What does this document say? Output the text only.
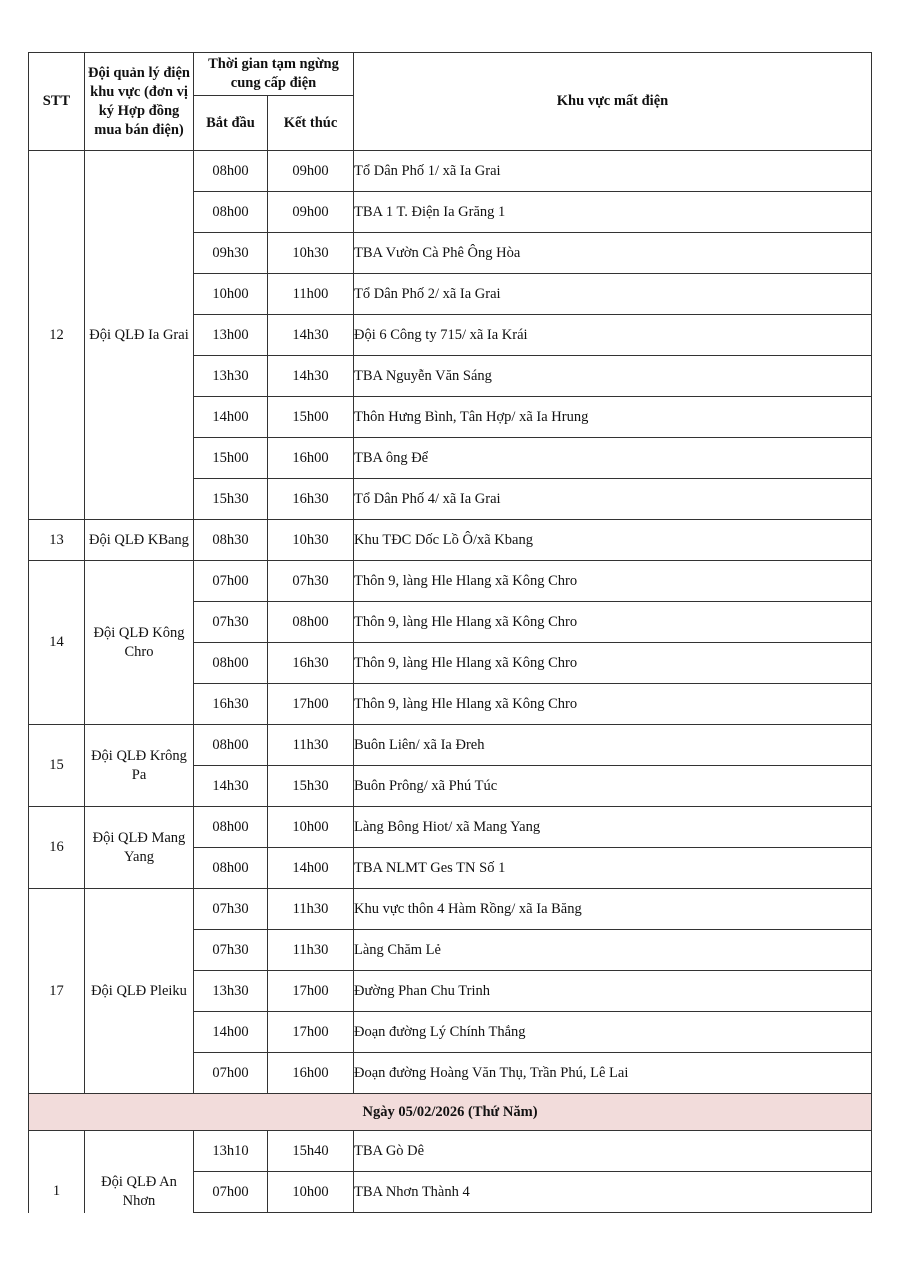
STT	Đội quản lý điện khu vực (đơn vị ký Hợp đồng mua bán điện)	Thời gian tạm ngừng cung cấp điện		Khu vực mất điện
		Bắt đầu	Kết thúc	
12	Đội QLĐ Ia Grai	08h00	09h00	Tổ Dân Phố 1/ xã Ia Grai
		08h00	09h00	TBA 1 T. Điện Ia Grăng 1
		09h30	10h30	TBA Vườn Cà Phê Ông Hòa
		10h00	11h00	Tổ Dân Phố 2/ xã Ia Grai
		13h00	14h30	Đội 6 Công ty 715/ xã Ia Krái
		13h30	14h30	TBA Nguyễn Văn Sáng
		14h00	15h00	Thôn Hưng Bình, Tân Hợp/ xã Ia Hrung
		15h00	16h00	TBA ông Để
		15h30	16h30	Tổ Dân Phố 4/ xã Ia Grai
13	Đội QLĐ KBang	08h30	10h30	Khu TĐC Dốc Lồ Ô/xã Kbang
14	Đội QLĐ Kông Chro	07h00	07h30	Thôn 9, làng Hle Hlang xã Kông Chro
		07h30	08h00	Thôn 9, làng Hle Hlang xã Kông Chro
		08h00	16h30	Thôn 9, làng Hle Hlang xã Kông Chro
		16h30	17h00	Thôn 9, làng Hle Hlang xã Kông Chro
15	Đội QLĐ Krông Pa	08h00	11h30	Buôn Liên/ xã Ia Đreh
		14h30	15h30	Buôn Prông/ xã Phú Túc
16	Đội QLĐ Mang Yang	08h00	10h00	Làng Bông Hiot/ xã Mang Yang
		08h00	14h00	TBA NLMT Ges TN Số 1
17	Đội QLĐ Pleiku	07h30	11h30	Khu vực thôn 4 Hàm Rồng/ xã Ia Băng
		07h30	11h30	Làng Chăm Lẻ
		13h30	17h00	Đường Phan Chu Trinh
		14h00	17h00	Đoạn đường Lý Chính Thắng
		07h00	16h00	Đoạn đường Hoàng Văn Thụ, Trần Phú, Lê Lai
Ngày 05/02/2026 (Thứ Năm)				
1	Đội QLĐ An Nhơn	13h10	15h40	TBA Gò Dê
		07h00	10h00	TBA Nhơn Thành 4
